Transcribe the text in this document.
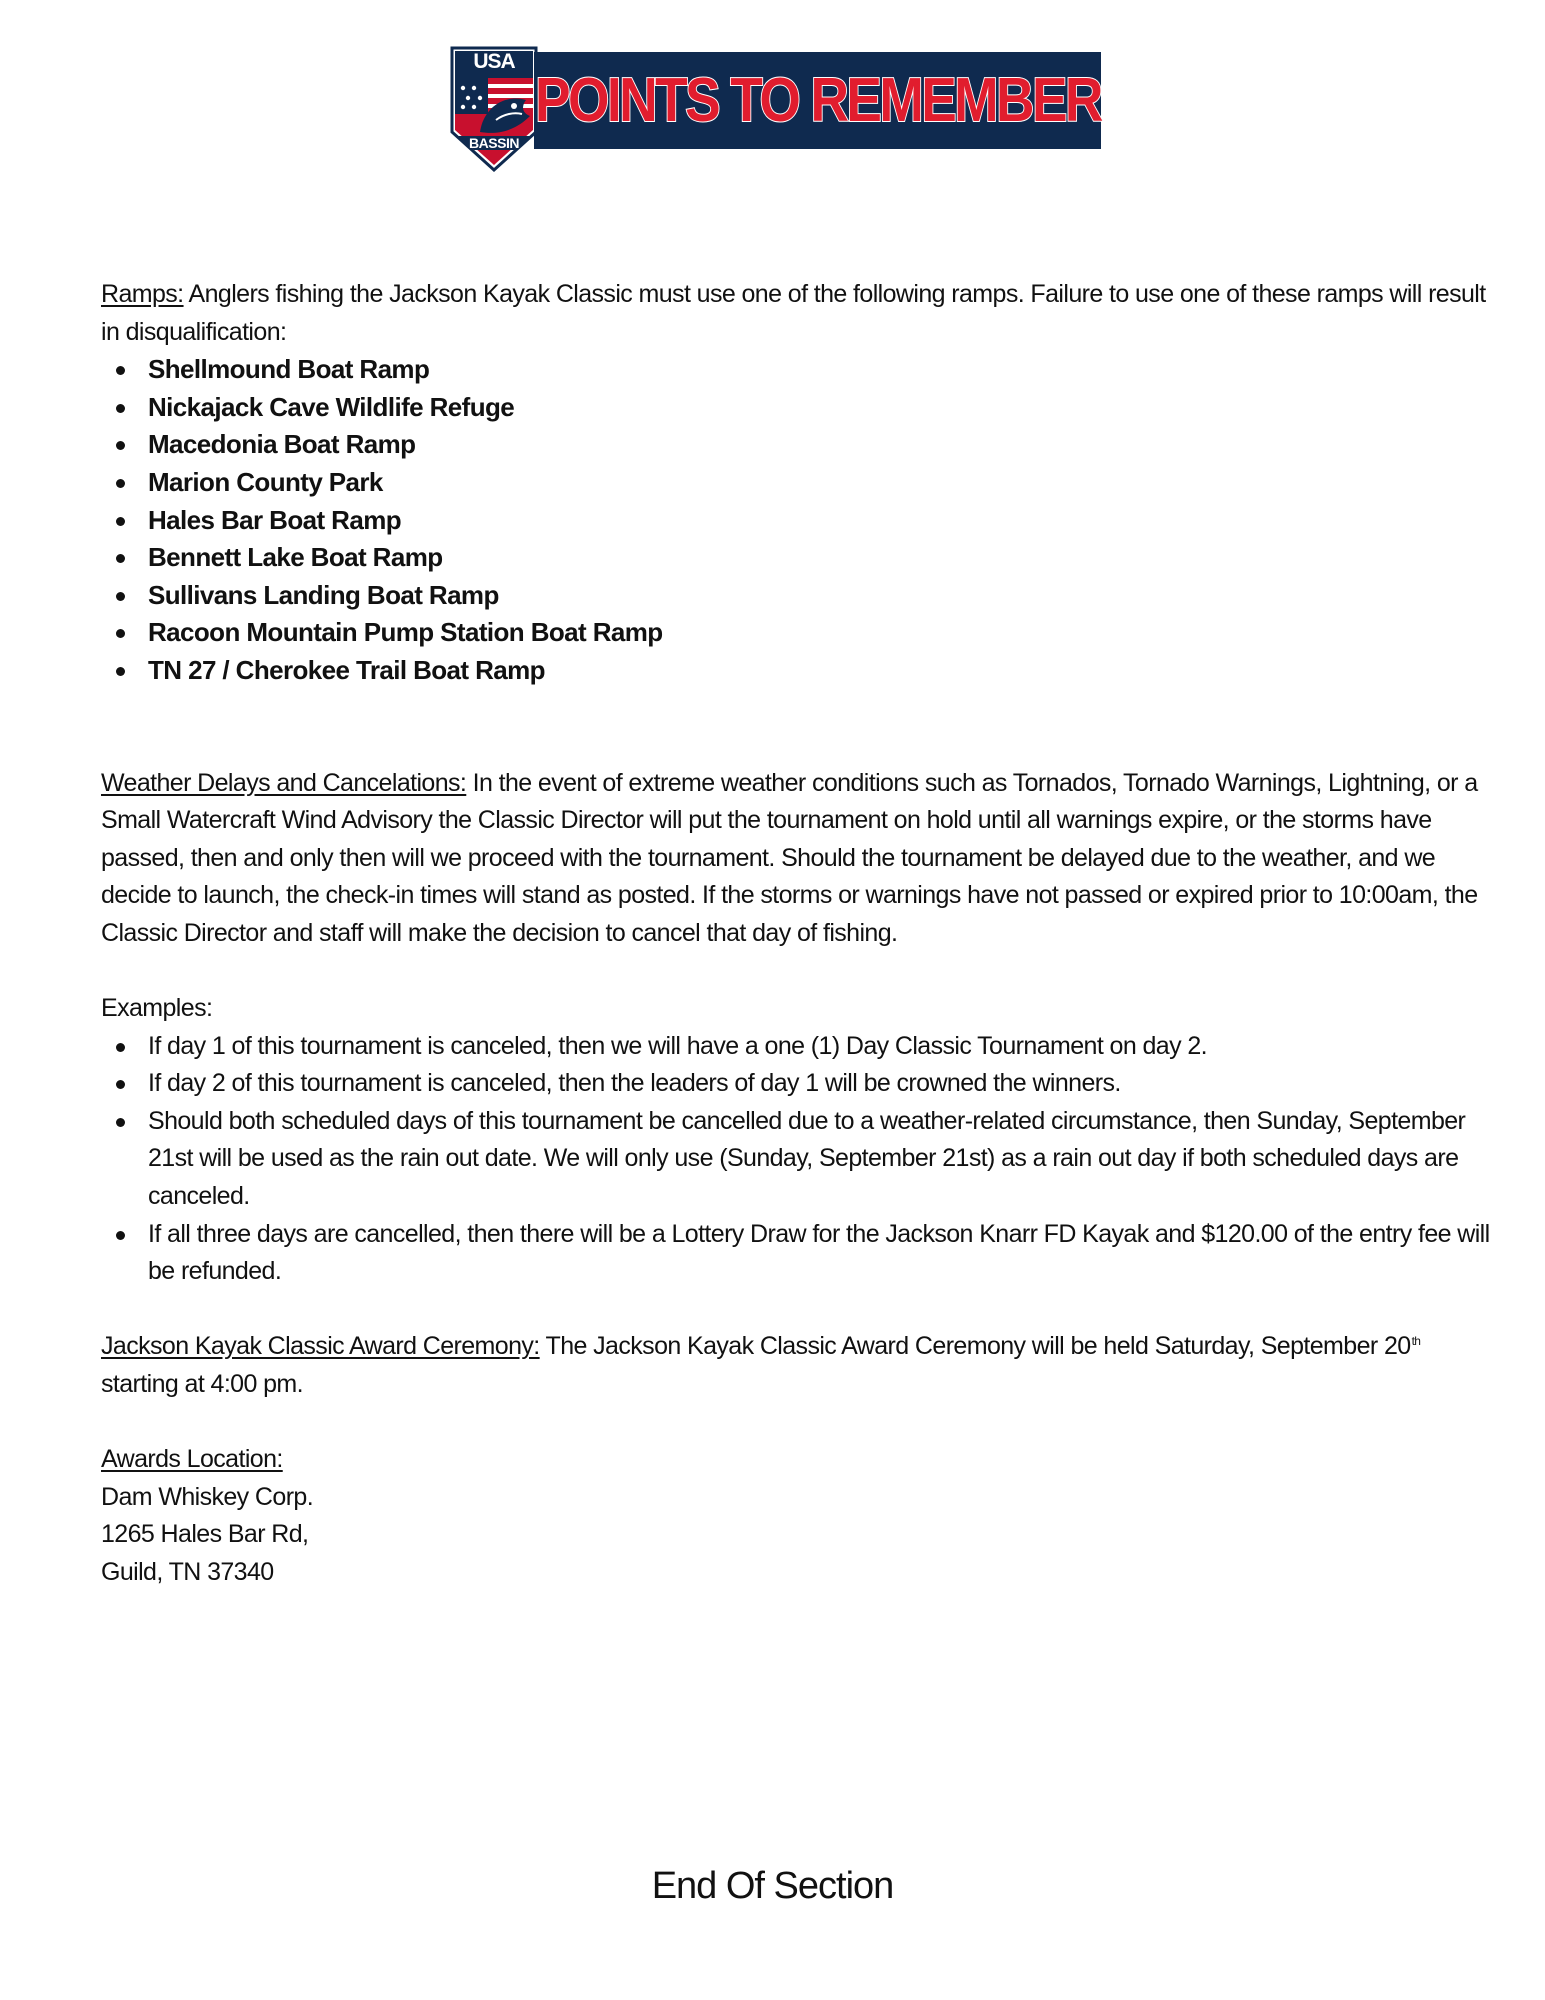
USA
BASSIN
POINTS TO REMEMBER

Ramps: Anglers fishing the Jackson Kayak Classic must use one of the following ramps. Failure to use one of these ramps will result in disqualification:

Shellmound Boat Ramp
Nickajack Cave Wildlife Refuge
Macedonia Boat Ramp
Marion County Park
Hales Bar Boat Ramp
Bennett Lake Boat Ramp
Sullivans Landing Boat Ramp
Racoon Mountain Pump Station Boat Ramp
TN 27 / Cherokee Trail Boat Ramp

Weather Delays and Cancelations: In the event of extreme weather conditions such as Tornados, Tornado Warnings, Lightning, or a Small Watercraft Wind Advisory the Classic Director will put the tournament on hold until all warnings expire, or the storms have passed, then and only then will we proceed with the tournament. Should the tournament be delayed due to the weather, and we decide to launch, the check-in times will stand as posted. If the storms or warnings have not passed or expired prior to 10:00am, the Classic Director and staff will make the decision to cancel that day of fishing.

Examples:

If day 1 of this tournament is canceled, then we will have a one (1) Day Classic Tournament on day 2.
If day 2 of this tournament is canceled, then the leaders of day 1 will be crowned the winners.
Should both scheduled days of this tournament be cancelled due to a weather-related circumstance, then Sunday, September 21st will be used as the rain out date. We will only use (Sunday, September 21st) as a rain out day if both scheduled days are canceled.
If all three days are cancelled, then there will be a Lottery Draw for the Jackson Knarr FD Kayak and $120.00 of the entry fee will be refunded.

Jackson Kayak Classic Award Ceremony: The Jackson Kayak Classic Award Ceremony will be held Saturday, September 20th starting at 4:00 pm.

Awards Location:

Dam Whiskey Corp.

1265 Hales Bar Rd,

Guild, TN 37340

End Of Section
